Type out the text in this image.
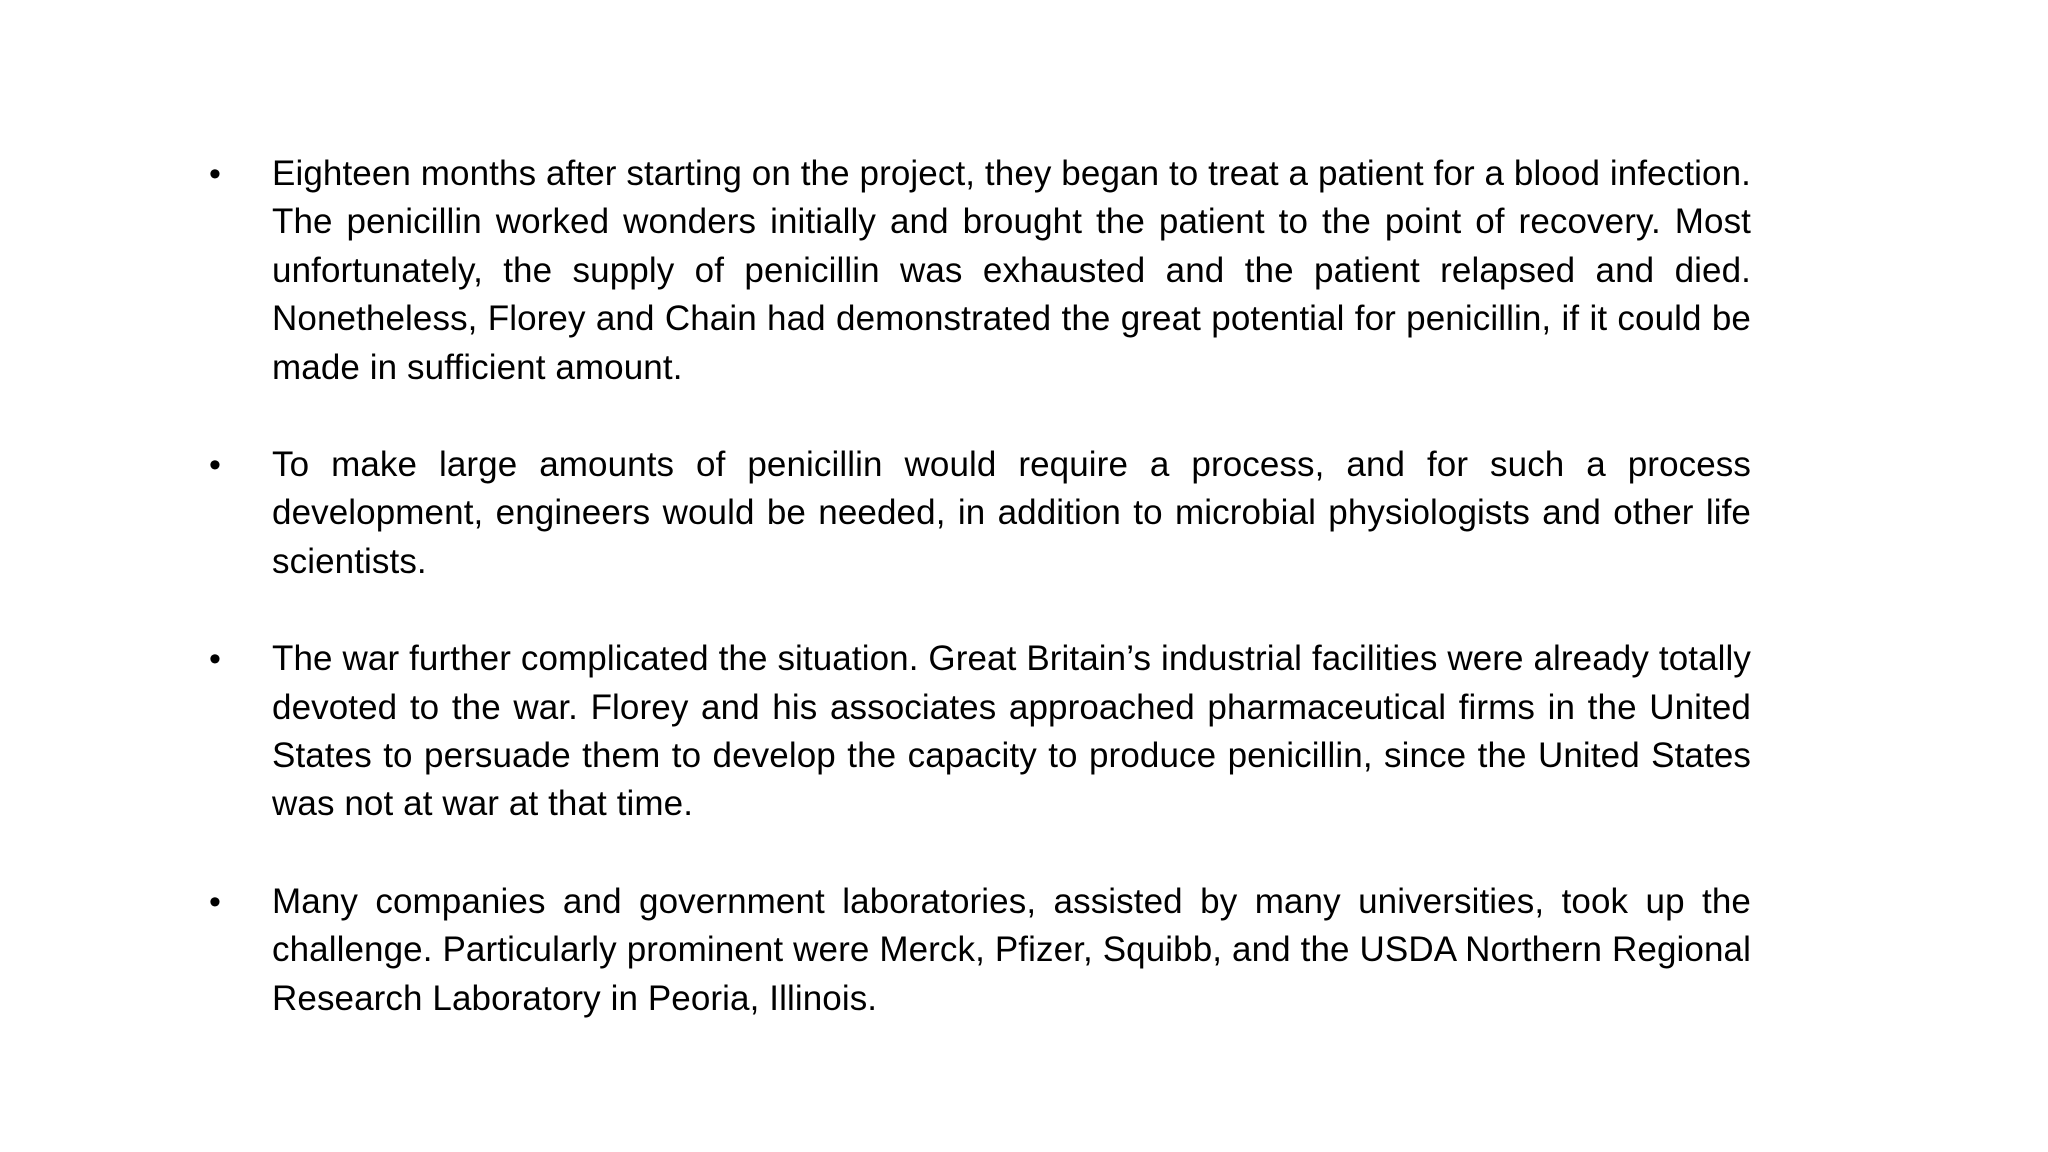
• Eighteen months after starting on the project, they began to treat a patient for a blood infection. The penicillin worked wonders initially and brought the patient to the point of recovery. Most unfortunately, the supply of penicillin was exhausted and the patient relapsed and died. Nonetheless, Florey and Chain had demonstrated the great potential for penicillin, if it could be made in sufficient amount.
• To make large amounts of penicillin would require a process, and for such a process development, engineers would be needed, in addition to microbial physiologists and other life scientists.
• The war further complicated the situation. Great Britain’s industrial facilities were already totally devoted to the war. Florey and his associates approached pharmaceutical firms in the United States to persuade them to develop the capacity to produce penicillin, since the United States was not at war at that time.
• Many companies and government laboratories, assisted by many universities, took up the challenge. Particularly prominent were Merck, Pfizer, Squibb, and the USDA Northern Regional Research Laboratory in Peoria, Illinois.
